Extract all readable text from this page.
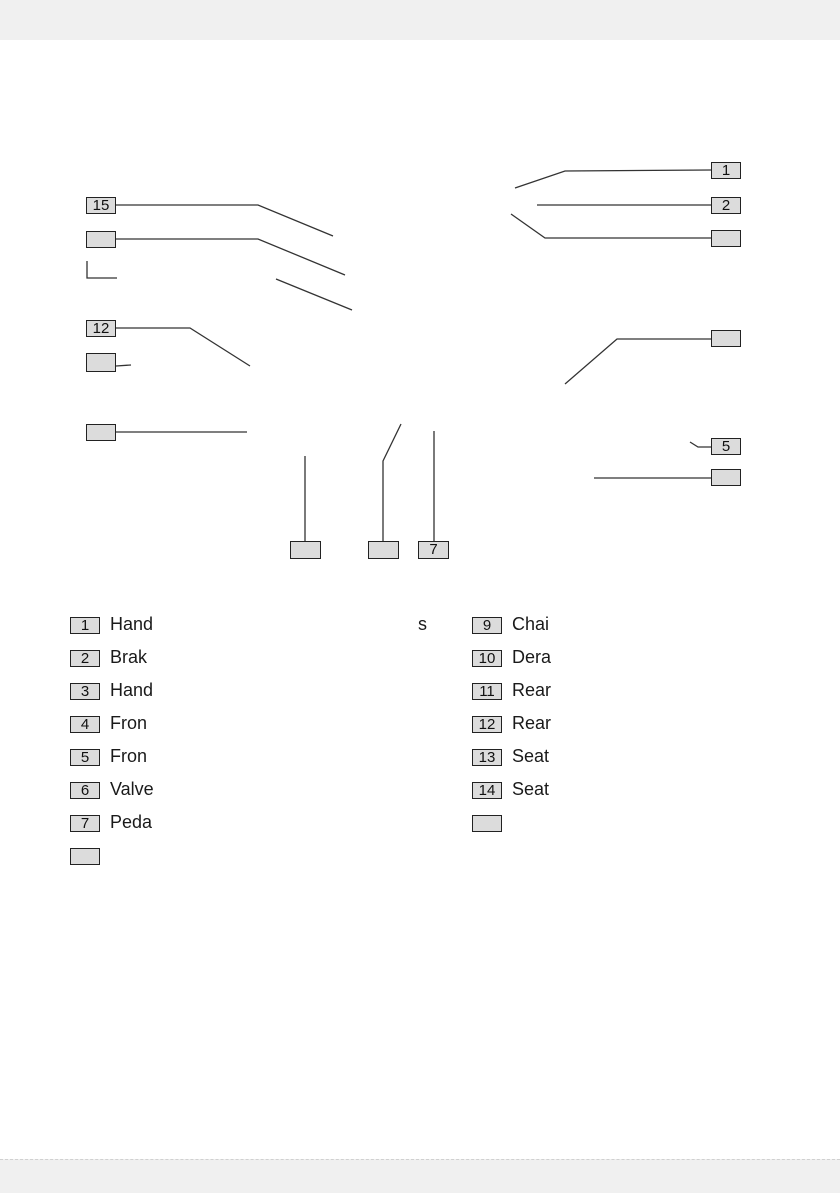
1
2
5
7
15
12
1	Hand	s
2	Brak
3	Hand
4	Fron
5	Fron
6	Valve
7	Peda
9	Chai
10 Dera
11 Rear
12 Rear
13 Seat
14 Seat
